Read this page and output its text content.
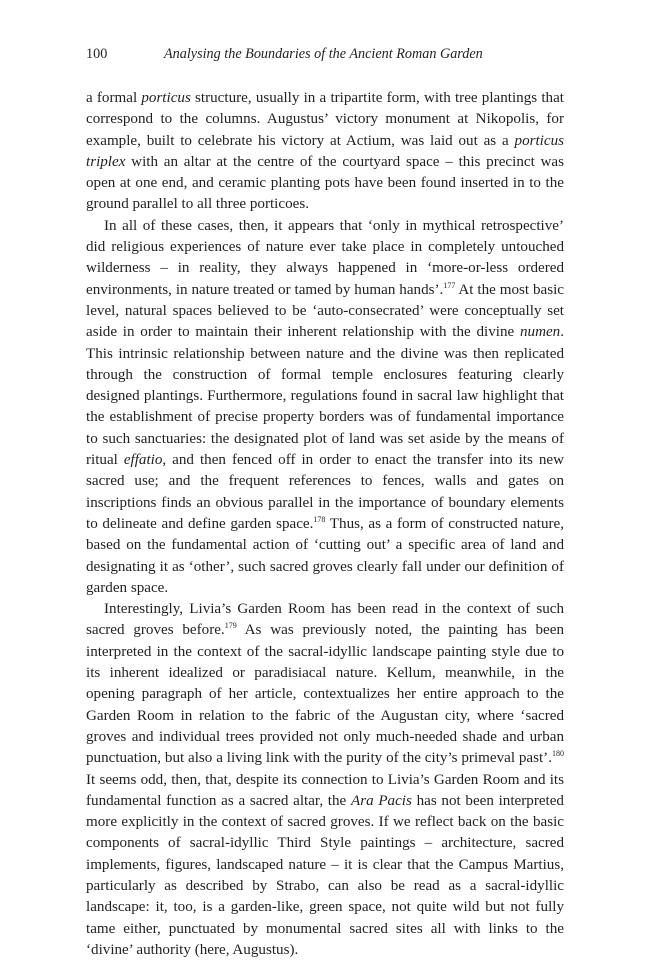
100	Analysing the Boundaries of the Ancient Roman Garden

a formal porticus structure, usually in a tripartite form, with tree plantings that correspond to the columns. Augustus’ victory monument at Nikopolis, for example, built to celebrate his victory at Actium, was laid out as a porticus triplex with an altar at the centre of the courtyard space – this precinct was open at one end, and ceramic planting pots have been found inserted in to the ground parallel to all three porticoes.

In all of these cases, then, it appears that ‘only in mythical retrospective’ did religious experiences of nature ever take place in completely untouched wilderness – in reality, they always happened in ‘more-or-less ordered environments, in nature treated or tamed by human hands’.$^{177}$ At the most basic level, natural spaces believed to be ‘auto-consecrated’ were conceptually set aside in order to maintain their inherent relationship with the divine numen. This intrinsic relationship between nature and the divine was then replicated through the construction of formal temple enclosures featuring clearly designed plantings. Furthermore, regulations found in sacral law highlight that the establishment of precise property borders was of fundamental importance to such sanctuaries: the designated plot of land was set aside by the means of ritual effatio, and then fenced off in order to enact the transfer into its new sacred use; and the frequent references to fences, walls and gates on inscriptions finds an obvious parallel in the importance of boundary elements to delineate and define garden space.$^{178}$ Thus, as a form of constructed nature, based on the fundamental action of ‘cutting out’ a specific area of land and designating it as ‘other’, such sacred groves clearly fall under our definition of garden space.

Interestingly, Livia’s Garden Room has been read in the context of such sacred groves before.$^{179}$ As was previously noted, the painting has been interpreted in the context of the sacral-idyllic landscape painting style due to its inherent idealized or paradisiacal nature. Kellum, meanwhile, in the opening paragraph of her article, contextualizes her entire approach to the Garden Room in relation to the fabric of the Augustan city, where ‘sacred groves and individual trees provided not only much-needed shade and urban punctuation, but also a living link with the purity of the city’s primeval past’.$^{180}$ It seems odd, then, that, despite its connection to Livia’s Garden Room and its fundamental function as a sacred altar, the Ara Pacis has not been interpreted more explicitly in the context of sacred groves. If we reflect back on the basic components of sacral-idyllic Third Style paintings – architecture, sacred implements, figures, landscaped nature – it is clear that the Campus Martius, particularly as described by Strabo, can also be read as a sacral-idyllic landscape: it, too, is a garden-like, green space, not quite wild but not fully tame either, punctuated by monumental sacred sites all with links to the ‘divine’ authority (here, Augustus).
